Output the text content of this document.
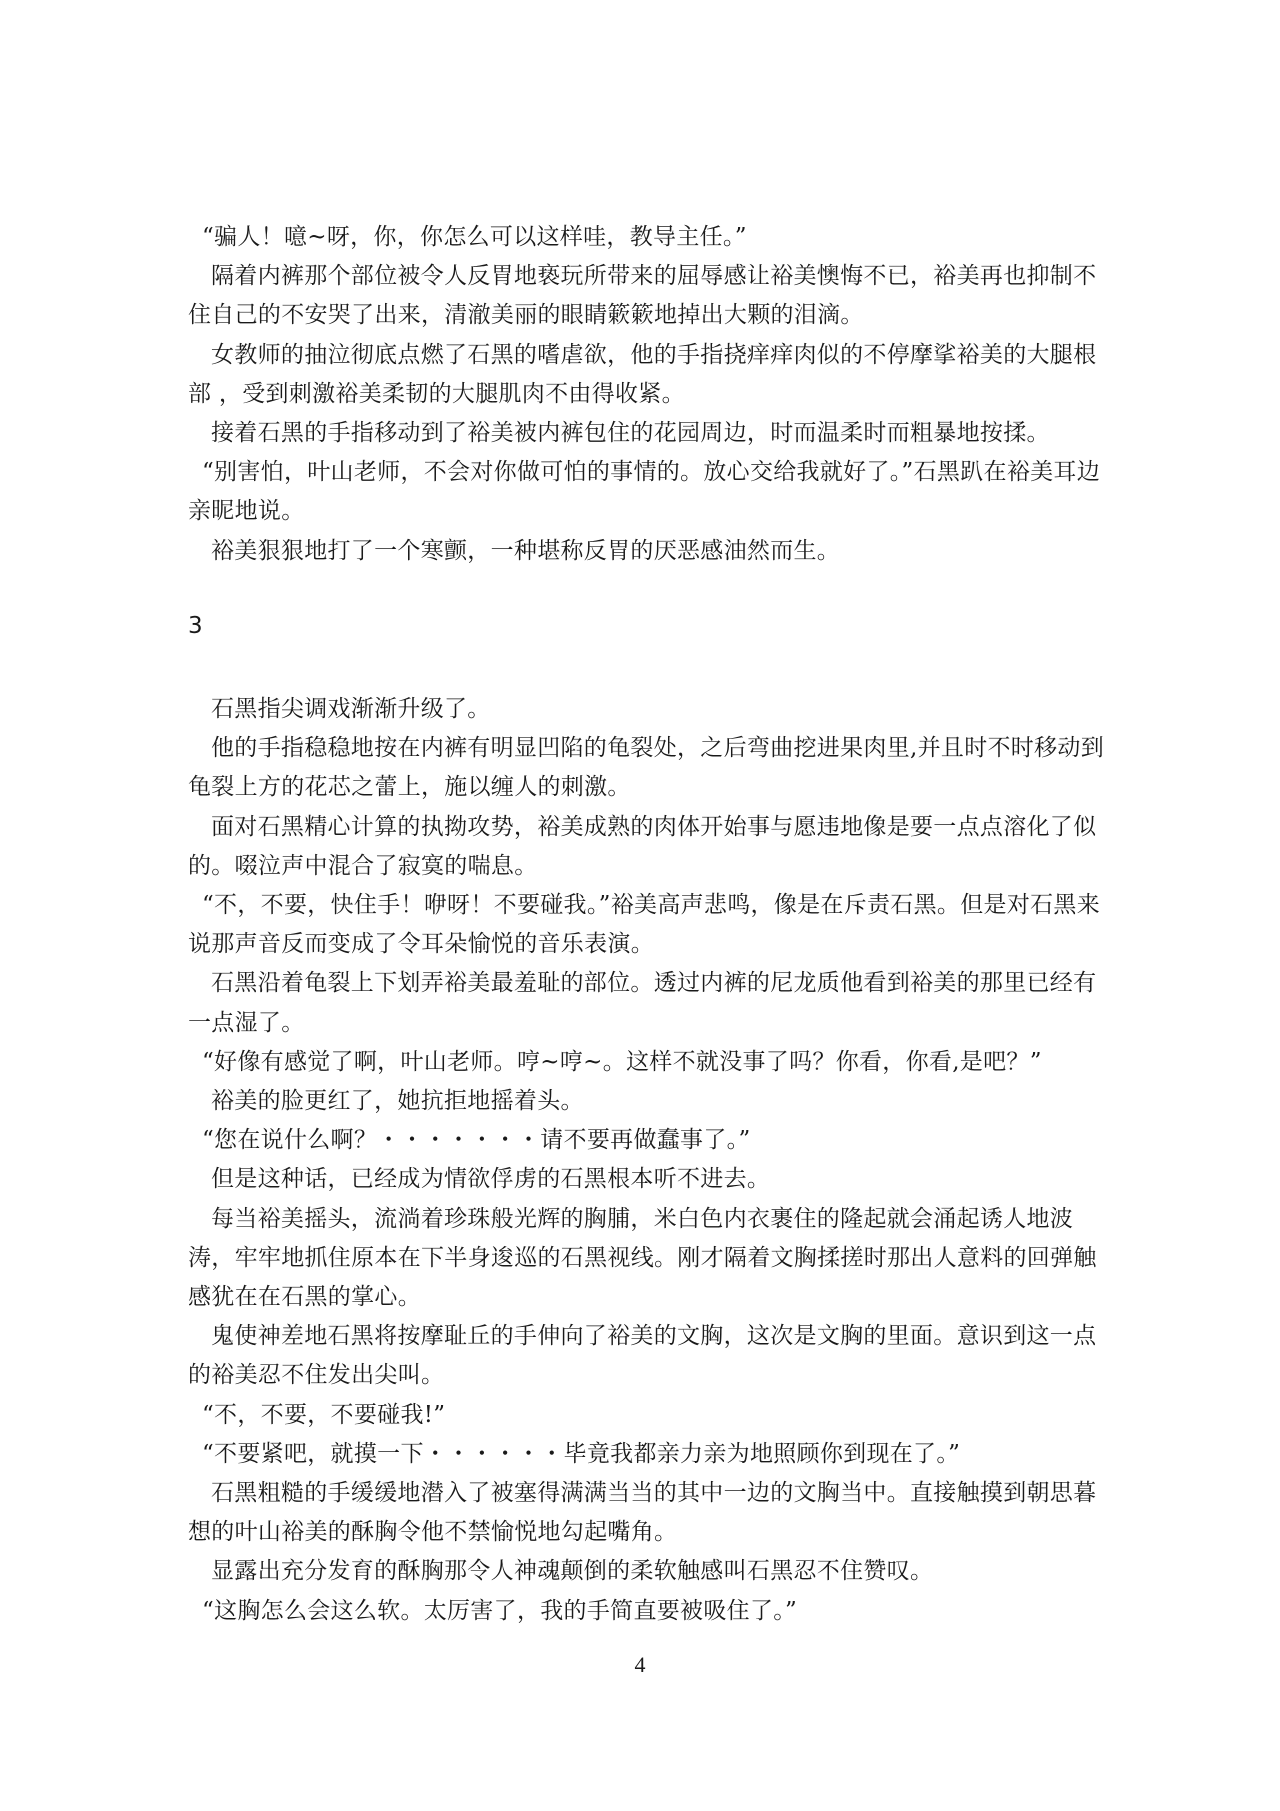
“骗人！噫~呀，你，你怎么可以这样哇，教导主任。”

隔着内裤那个部位被令人反胃地亵玩所带来的屈辱感让裕美懊悔不已，裕美再也抑制不住自己的不安哭了出来，清澈美丽的眼睛簌簌地掉出大颗的泪滴。

女教师的抽泣彻底点燃了石黑的嗜虐欲，他的手指挠痒痒肉似的不停摩挲裕美的大腿根部 ，受到刺激裕美柔韧的大腿肌肉不由得收紧。

接着石黑的手指移动到了裕美被内裤包住的花园周边，时而温柔时而粗暴地按揉。

“别害怕，叶山老师，不会对你做可怕的事情的。放心交给我就好了。”石黑趴在裕美耳边亲昵地说。

裕美狠狠地打了一个寒颤，一种堪称反胃的厌恶感油然而生。

3

石黑指尖调戏渐渐升级了。

他的手指稳稳地按在内裤有明显凹陷的龟裂处，之后弯曲挖进果肉里,并且时不时移动到龟裂上方的花芯之蕾上，施以缠人的刺激。

面对石黑精心计算的执拗攻势，裕美成熟的肉体开始事与愿违地像是要一点点溶化了似的。啜泣声中混合了寂寞的喘息。

“不，不要，快住手！咿呀！不要碰我。”裕美高声悲鸣，像是在斥责石黑。但是对石黑来说那声音反而变成了令耳朵愉悦的音乐表演。

石黑沿着龟裂上下划弄裕美最羞耻的部位。透过内裤的尼龙质他看到裕美的那里已经有一点湿了。

“好像有感觉了啊，叶山老师。哼~哼~。这样不就没事了吗？你看，你看,是吧？”

裕美的脸更红了，她抗拒地摇着头。

“您在说什么啊？・・・・・・・请不要再做蠢事了。”

但是这种话，已经成为情欲俘虏的石黑根本听不进去。

每当裕美摇头，流淌着珍珠般光辉的胸脯，米白色内衣裹住的隆起就会涌起诱人地波涛，牢牢地抓住原本在下半身逡巡的石黑视线。刚才隔着文胸揉搓时那出人意料的回弹触感犹在在石黑的掌心。

鬼使神差地石黑将按摩耻丘的手伸向了裕美的文胸，这次是文胸的里面。意识到这一点的裕美忍不住发出尖叫。

“不，不要，不要碰我!”

“不要紧吧，就摸一下・・・・・・毕竟我都亲力亲为地照顾你到现在了。”

石黑粗糙的手缓缓地潜入了被塞得满满当当的其中一边的文胸当中。直接触摸到朝思暮想的叶山裕美的酥胸令他不禁愉悦地勾起嘴角。

显露出充分发育的酥胸那令人神魂颠倒的柔软触感叫石黑忍不住赞叹。

“这胸怎么会这么软。太厉害了，我的手简直要被吸住了。”

4
